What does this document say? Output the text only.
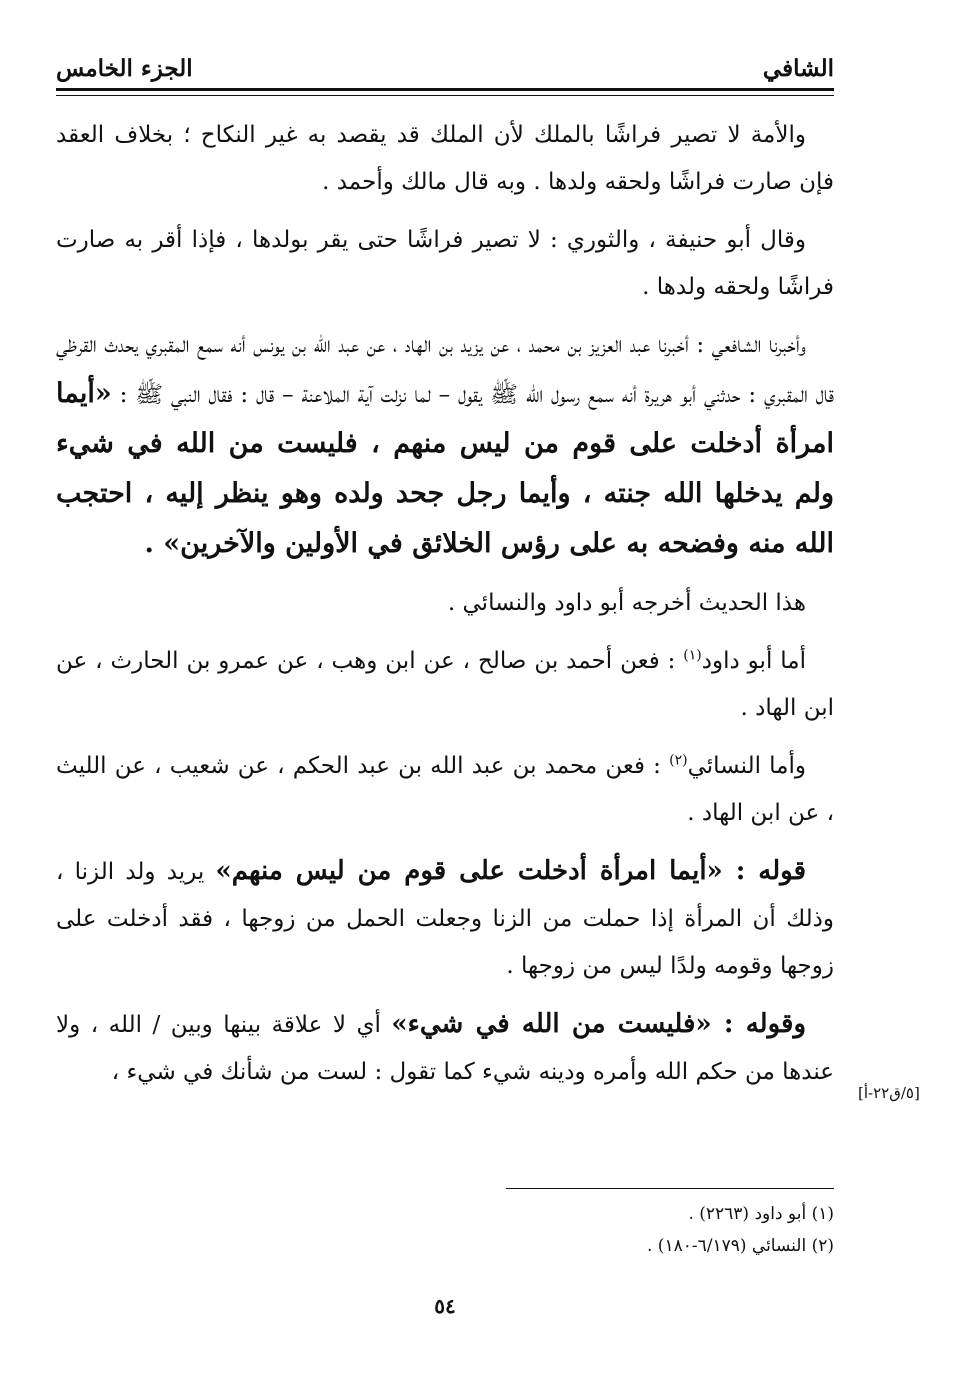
الشافي
الجزء الخامس

والأمة لا تصير فراشًا بالملك لأن الملك قد يقصد به غير النكاح ؛ بخلاف العقد فإن صارت فراشًا ولحقه ولدها . وبه قال مالك وأحمد .

وقال أبو حنيفة ، والثوري : لا تصير فراشًا حتى يقر بولدها ، فإذا أقر به صارت فراشًا ولحقه ولدها .

وأخبرنا الشافعي : أخبرنا عبد العزيز بن محمد ، عن يزيد بن الهاد ، عن عبد الله بن يونس أنه سمع المقبري يحدث القرظي قال المقبري : حدثني أبو هريرة أنه سمع رسول الله ﷺ يقول – لما نزلت آية الملاعنة – قال : فقال النبي ﷺ : «أيما امرأة أدخلت على قوم من ليس منهم ، فليست من الله في شيء ولم يدخلها الله جنته ، وأيما رجل جحد ولده وهو ينظر إليه ، احتجب الله منه وفضحه به على رؤس الخلائق في الأولين والآخرين» .

هذا الحديث أخرجه أبو داود والنسائي .

أما أبو داود$^{(١)}$ : فعن أحمد بن صالح ، عن ابن وهب ، عن عمرو بن الحارث ، عن ابن الهاد .

وأما النسائي$^{(٢)}$ : فعن محمد بن عبد الله بن عبد الحكم ، عن شعيب ، عن الليث ، عن ابن الهاد .

قوله : «أيما امرأة أدخلت على قوم من ليس منهم» يريد ولد الزنا ، وذلك أن المرأة إذا حملت من الزنا وجعلت الحمل من زوجها ، فقد أدخلت على زوجها وقومه ولدًا ليس من زوجها .

وقوله : «فليست من الله في شيء» أي لا علاقة بينها وبين / الله ، ولا عندها من حكم الله وأمره ودينه شيء كما تقول : لست من شأنك في شيء ،

[٥/ق٢٢-أ]

(١) أبو داود (٢٢٦٣) .

(٢) النسائي (٦/١٧٩-١٨٠) .

٥٤
